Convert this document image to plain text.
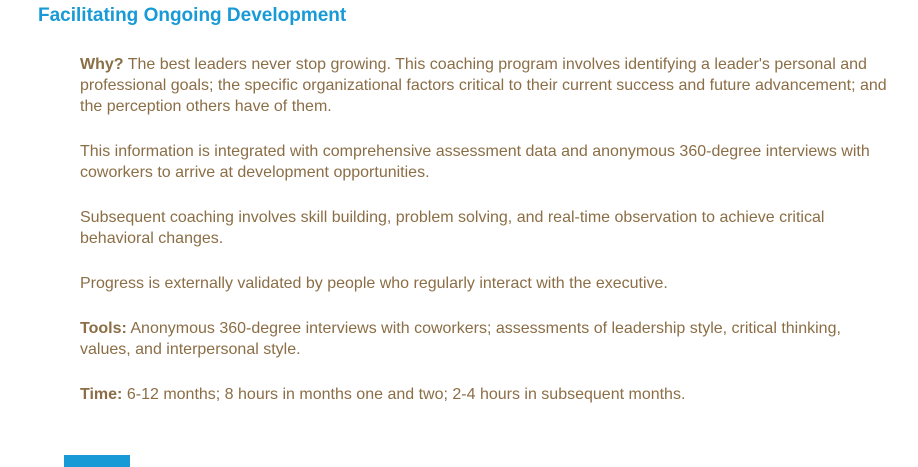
Facilitating Ongoing Development

Why? The best leaders never stop growing. This coaching program involves identifying a leader's personal and professional goals; the specific organizational factors critical to their current success and future advancement; and the perception others have of them.

This information is integrated with comprehensive assessment data and anonymous 360-degree interviews with coworkers to arrive at development opportunities.

Subsequent coaching involves skill building, problem solving, and real-time observation to achieve critical behavioral changes.

Progress is externally validated by people who regularly interact with the executive.

Tools: Anonymous 360-degree interviews with coworkers; assessments of leadership style, critical thinking, values, and interpersonal style.

Time: 6-12 months; 8 hours in months one and two; 2-4 hours in subsequent months.
